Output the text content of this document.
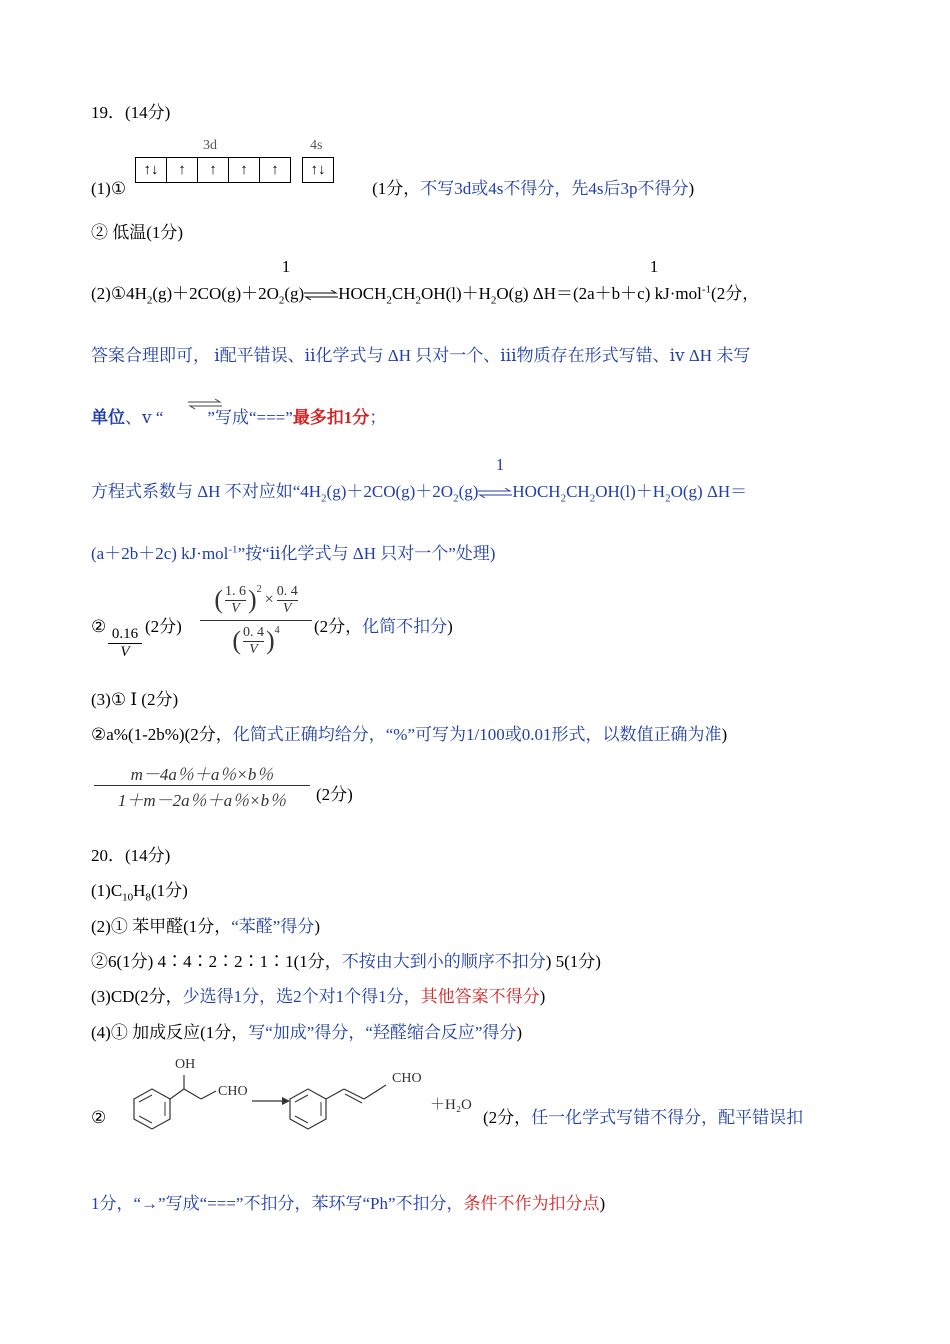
19．(14分)
3d	4s
↑↓	↑	↑	↑	↑	↑↓
(1)①	(1分，不写3d或4s不得分，先4s后3p不得分)
② 低温(1分)
1	1
$(2)①4H_2(g)+2CO(g)+2O_2(g)\rightleftharpoons HOCH_2CH_2OH(l)+H_2O(g)$ ΔH＝(2a＋b＋c) kJ·mol$^{-1}$(2分，
答案合理即可， ⅰ配平错误、ⅱ化学式与 ΔH 只对一个、ⅲ物质存在形式写错、ⅳ ΔH 未写
单位、ⅴ “	”写成“===”最多扣1分；
1
方程式系数与 ΔH 不对应如“$4H_2(g)+2CO(g)+2O_2(g)\rightleftharpoons HOCH_2CH_2OH(l)+H_2O(g)$ ΔH＝
(a＋2b＋2c) kJ·mol$^{-1}$”按“ⅱ化学式与 ΔH 只对一个”处理)
② $\frac{0.16}{V} (2$分)
( 1. 6
V )$^2$
× $\frac{0. 4}{V}$
( 0. 4
V )$^4$ (2分，化简不扣分)
(3)① Ⅰ (2分)
②a%(1-2b%)(2分，化简式正确均给分，“%”可写为1/100或0.01形式，以数值正确为准)
m－4a％＋a％×b％
1＋m－2a％＋a％×b％	(2分)
20．(14分)
$(1)C_{10}H_8(1$分)
(2)① 苯甲醛(1分，“苯醛”得分)
②6(1分) 4∶4∶2∶2∶1∶1(1分，不按由大到小的顺序不扣分) 5(1分)
(3)CD(2分，少选得1分，选2个对1个得1分，其他答案不得分)
(4)① 加成反应(1分，写“加成”得分，“羟醛缩合反应”得分)
②
OH
CHO
CHO
＋H₂O
(2分，任一化学式写错不得分，配平错误扣
1分，“→”写成“===”不扣分，苯环写“Ph”不扣分，条件不作为扣分点)
